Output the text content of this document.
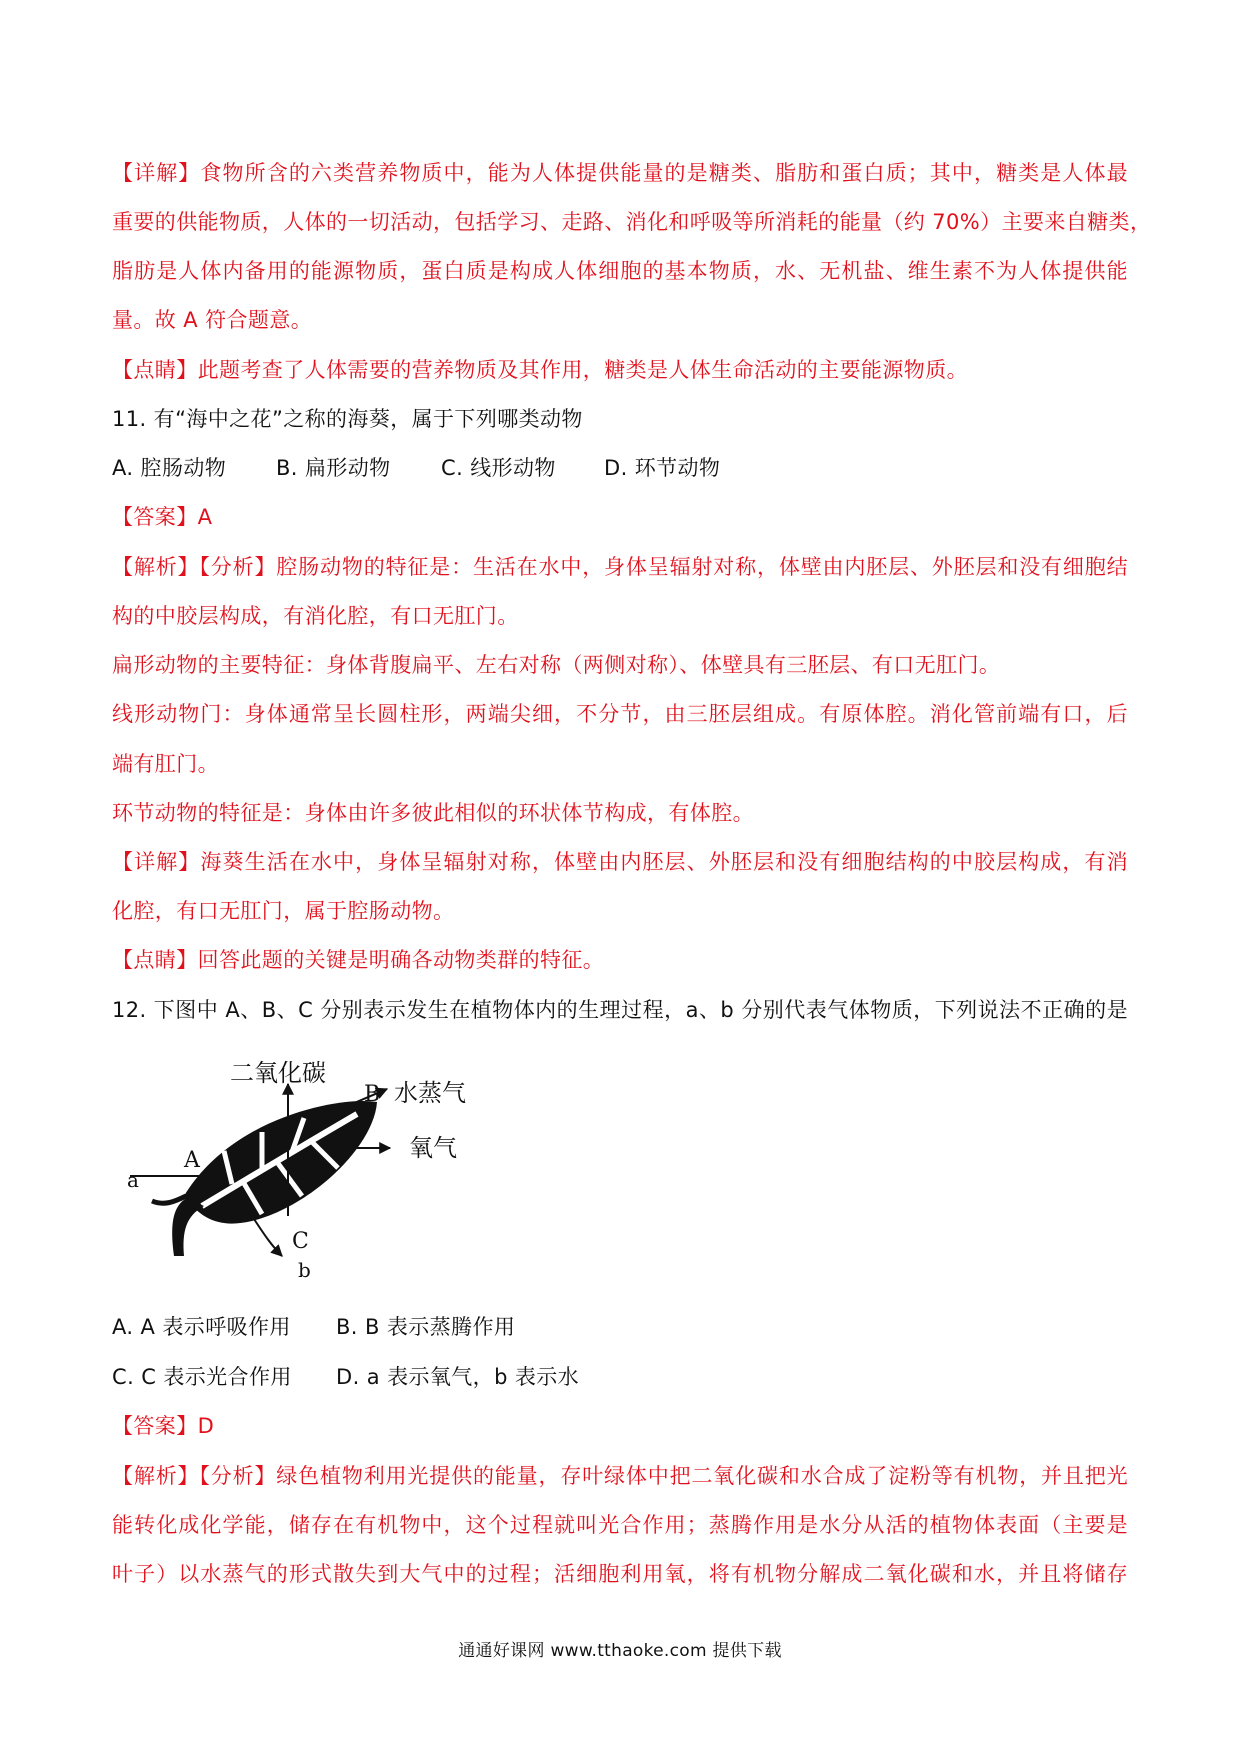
【详解】食物所含的六类营养物质中，能为人体提供能量的是糖类、脂肪和蛋白质；其中，糖类是人体最
重要的供能物质，人体的一切活动，包括学习、走路、消化和呼吸等所消耗的能量（约 70%）主要来自糖类，
脂肪是人体内备用的能源物质，蛋白质是构成人体细胞的基本物质，水、无机盐、维生素不为人体提供能
量。故 A 符合题意。
【点睛】此题考查了人体需要的营养物质及其作用，糖类是人体生命活动的主要能源物质。
11. 有“海中之花”之称的海葵，属于下列哪类动物
A. 腔肠动物 B. 扁形动物 C. 线形动物 D. 环节动物
【答案】A
【解析】【分析】腔肠动物的特征是：生活在水中，身体呈辐射对称，体壁由内胚层、外胚层和没有细胞结
构的中胶层构成，有消化腔，有口无肛门。
扁形动物的主要特征：身体背腹扁平、左右对称（两侧对称）、体壁具有三胚层、有口无肛门。
线形动物门：身体通常呈长圆柱形，两端尖细，不分节，由三胚层组成。有原体腔。消化管前端有口，后
端有肛门。
环节动物的特征是：身体由许多彼此相似的环状体节构成，有体腔。
【详解】海葵生活在水中，身体呈辐射对称，体壁由内胚层、外胚层和没有细胞结构的中胶层构成，有消
化腔，有口无肛门，属于腔肠动物。
【点睛】回答此题的关键是明确各动物类群的特征。
12. 下图中 A、B、C 分别表示发生在植物体内的生理过程，a、b 分别代表气体物质，下列说法不正确的是
二氧化碳
B 水蒸气
氧气
A
a
C
b
A. A 表示呼吸作用 B. B 表示蒸腾作用
C. C 表示光合作用 D. a 表示氧气，b 表示水
【答案】D
【解析】【分析】绿色植物利用光提供的能量，存叶绿体中把二氧化碳和水合成了淀粉等有机物，并且把光
能转化成化学能，储存在有机物中，这个过程就叫光合作用；蒸腾作用是水分从活的植物体表面（主要是
叶子）以水蒸气的形式散失到大气中的过程；活细胞利用氧，将有机物分解成二氧化碳和水，并且将储存
通通好课网 www.tthaoke.com 提供下载
